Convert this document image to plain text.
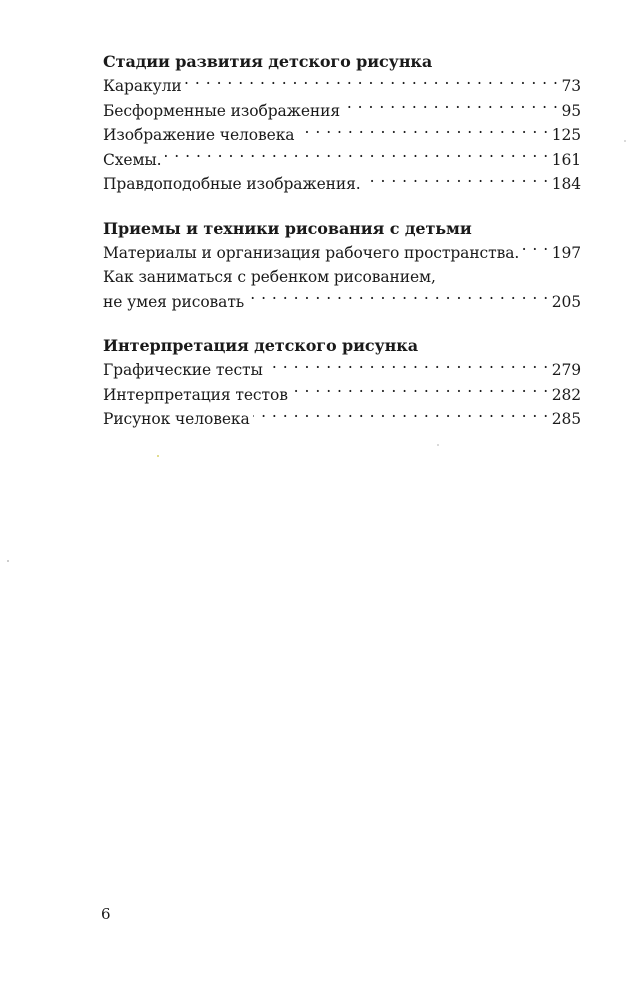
Стадии развития детского рисунка
Каракули . . .	73
Бесформенные изображения . . .	95
Изображение человека . . .	125
Схемы. . . .	161
Правдоподобные изображения. . . .	184
Приемы и техники рисования с детьми
Материалы и организация рабочего пространства. . . . 197
Как заниматься с ребенком рисованием,
не умея рисовать . . .	205
Интерпретация детского рисунка
Графические тесты . . .	279
Интерпретация тестов . . .	282
Рисунок человека . . .	285
6
